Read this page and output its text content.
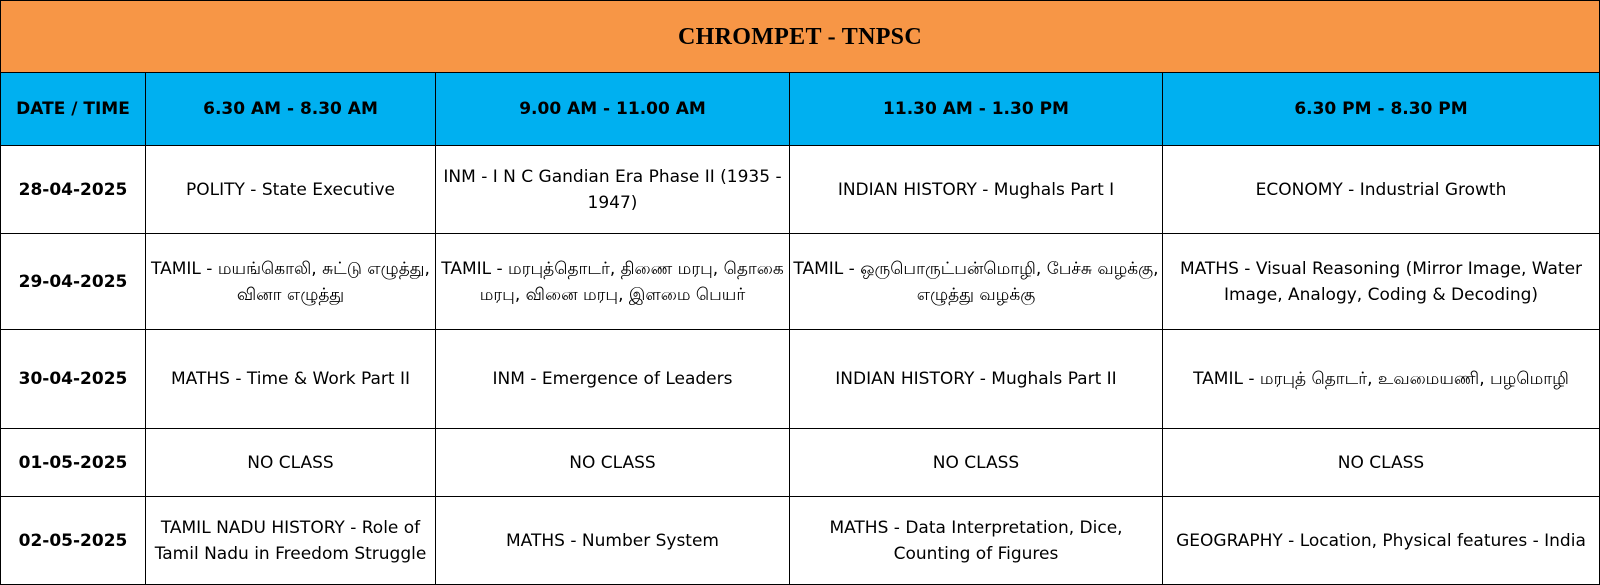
CHROMPET - TNPSC				
DATE / TIME	6.30 AM - 8.30 AM	9.00 AM - 11.00 AM	11.30 AM - 1.30 PM	6.30 PM - 8.30 PM
28-04-2025	POLITY - State Executive	INM - I N C Gandian Era Phase II (1935 - 1947)	INDIAN HISTORY - Mughals Part I	ECONOMY - Industrial Growth
29-04-2025	TAMIL - மயங்கொலி, சுட்டு எழுத்து, வினா எழுத்து	TAMIL - மரபுத்தொடர், திணை மரபு, தொகை மரபு, வினை மரபு, இளமை பெயர்	TAMIL - ஒருபொருட்பன்மொழி, பேச்சு வழக்கு, எழுத்து வழக்கு	MATHS - Visual Reasoning (Mirror Image, Water Image, Analogy, Coding & Decoding)
30-04-2025	MATHS - Time & Work Part II	INM - Emergence of Leaders	INDIAN HISTORY - Mughals Part II	TAMIL - மரபுத் தொடர், உவமையணி, பழமொழி
01-05-2025	NO CLASS	NO CLASS	NO CLASS	NO CLASS
02-05-2025	TAMIL NADU HISTORY - Role of Tamil Nadu in Freedom Struggle	MATHS - Number System	MATHS - Data Interpretation, Dice, Counting of Figures	GEOGRAPHY - Location, Physical features - India
